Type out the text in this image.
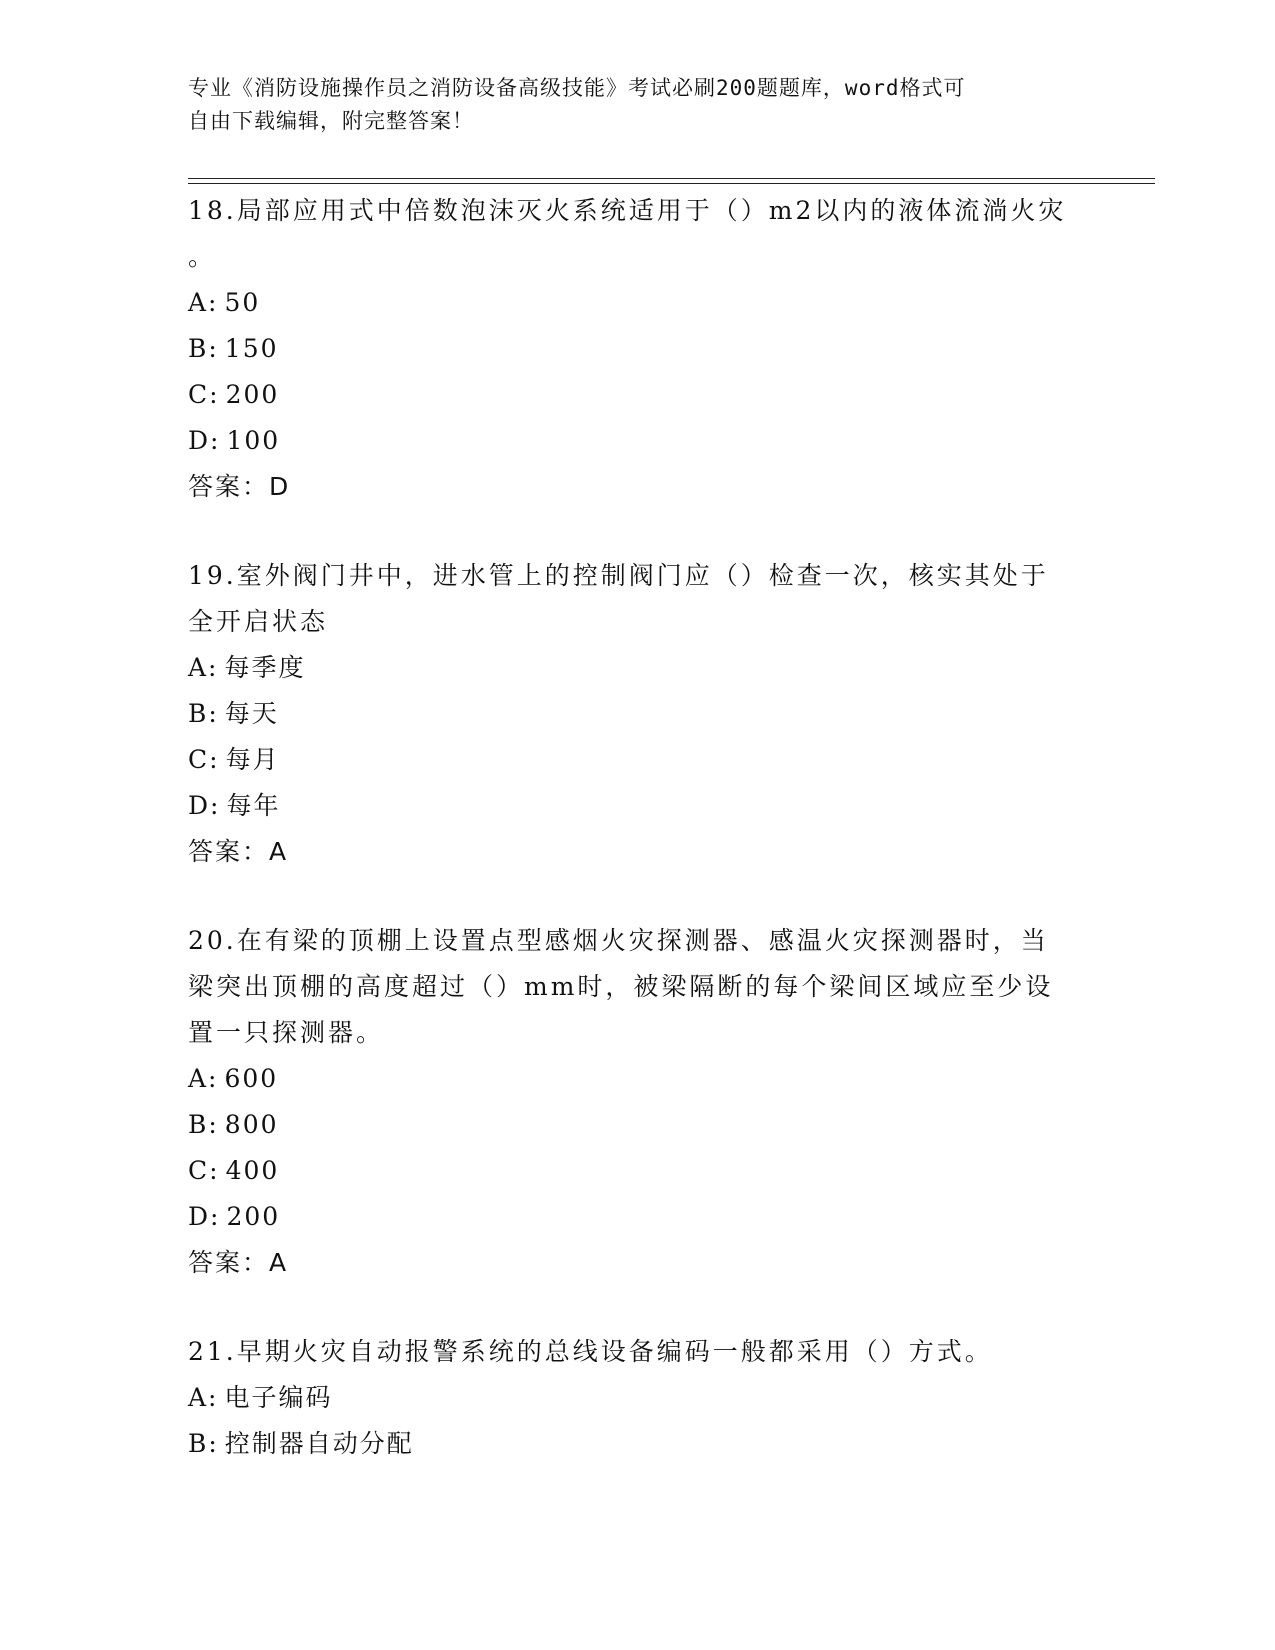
专业《消防设施操作员之消防设备高级技能》考试必刷200题题库，word格式可
自由下载编辑，附完整答案！
18.局部应用式中倍数泡沫灭火系统适用于（）m2以内的液体流淌火灾
。
A: 50
B: 150
C: 200
D: 100
答案：D
19.室外阀门井中，进水管上的控制阀门应（）检查一次，核实其处于
全开启状态
A: 每季度
B: 每天
C: 每月
D: 每年
答案：A
20.在有梁的顶棚上设置点型感烟火灾探测器、感温火灾探测器时，当
梁突出顶棚的高度超过（）mm时，被梁隔断的每个梁间区域应至少设
置一只探测器。
A: 600
B: 800
C: 400
D: 200
答案：A
21.早期火灾自动报警系统的总线设备编码一般都采用（）方式。
A: 电子编码
B: 控制器自动分配
